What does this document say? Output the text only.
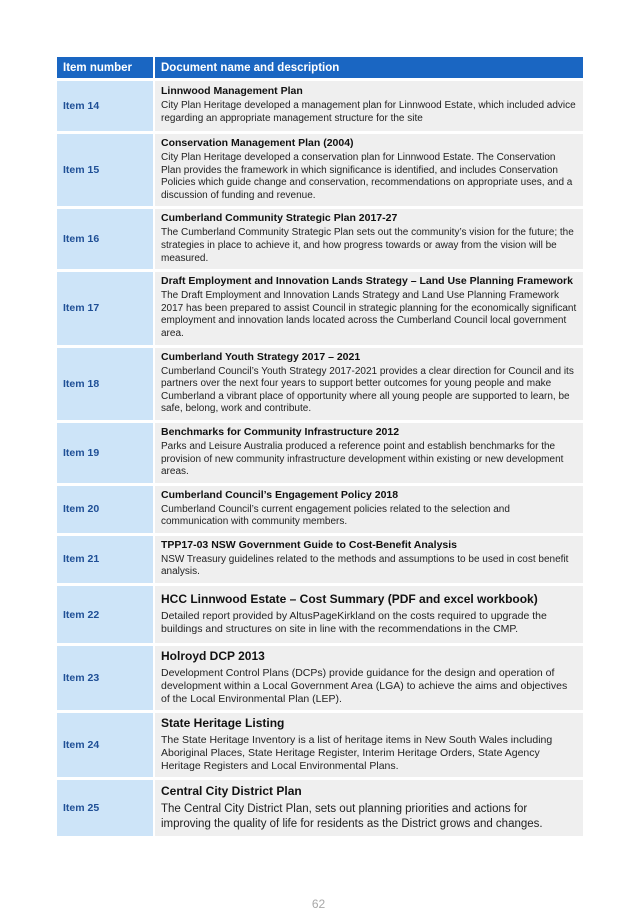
Item number	Document name and description
Item 14	Linnwood Management Plan
City Plan Heritage developed a management plan for Linnwood Estate, which included advice regarding an appropriate management structure for the site

Item 15	Conservation Management Plan (2004)
City Plan Heritage developed a conservation plan for Linnwood Estate. The Conservation Plan provides the framework in which significance is identified, and includes Conservation Policies which guide change and conservation, recommendations on appropriate uses, and a discussion of funding and revenue.

Item 16	Cumberland Community Strategic Plan 2017-27
The Cumberland Community Strategic Plan sets out the community’s vision for the future; the strategies in place to achieve it, and how progress towards or away from the vision will be measured.

Item 17	Draft Employment and Innovation Lands Strategy – Land Use Planning Framework
The Draft Employment and Innovation Lands Strategy and Land Use Planning Framework 2017 has been prepared to assist Council in strategic planning for the economically significant employment and innovation lands located across the Cumberland Council local government area.

Item 18	Cumberland Youth Strategy 2017 – 2021
Cumberland Council’s Youth Strategy 2017-2021 provides a clear direction for Council and its partners over the next four years to support better outcomes for young people and make Cumberland a vibrant place of opportunity where all young people are supported to learn, be safe, belong, work and contribute.

Item 19	Benchmarks for Community Infrastructure 2012
Parks and Leisure Australia produced a reference point and establish benchmarks for the provision of new community infrastructure development within existing or new development areas.

Item 20	Cumberland Council’s Engagement Policy 2018
Cumberland Council’s current engagement policies related to the selection and communication with community members.

Item 21	TPP17-03 NSW Government Guide to Cost-Benefit Analysis
NSW Treasury guidelines related to the methods and assumptions to be used in cost benefit analysis.

Item 22	HCC Linnwood Estate – Cost Summary (PDF and excel workbook)
Detailed report provided by AltusPageKirkland on the costs required to upgrade the buildings and structures on site in line with the recommendations in the CMP.

Item 23	Holroyd DCP 2013
Development Control Plans (DCPs) provide guidance for the design and operation of development within a Local Government Area (LGA) to achieve the aims and objectives of the Local Environmental Plan (LEP).

Item 24	State Heritage Listing
The State Heritage Inventory is a list of heritage items in New South Wales including Aboriginal Places, State Heritage Register, Interim Heritage Orders, State Agency Heritage Registers and Local Environmental Plans.

Item 25	Central City District Plan
The Central City District Plan, sets out planning priorities and actions for improving the quality of life for residents as the District grows and changes.
62
